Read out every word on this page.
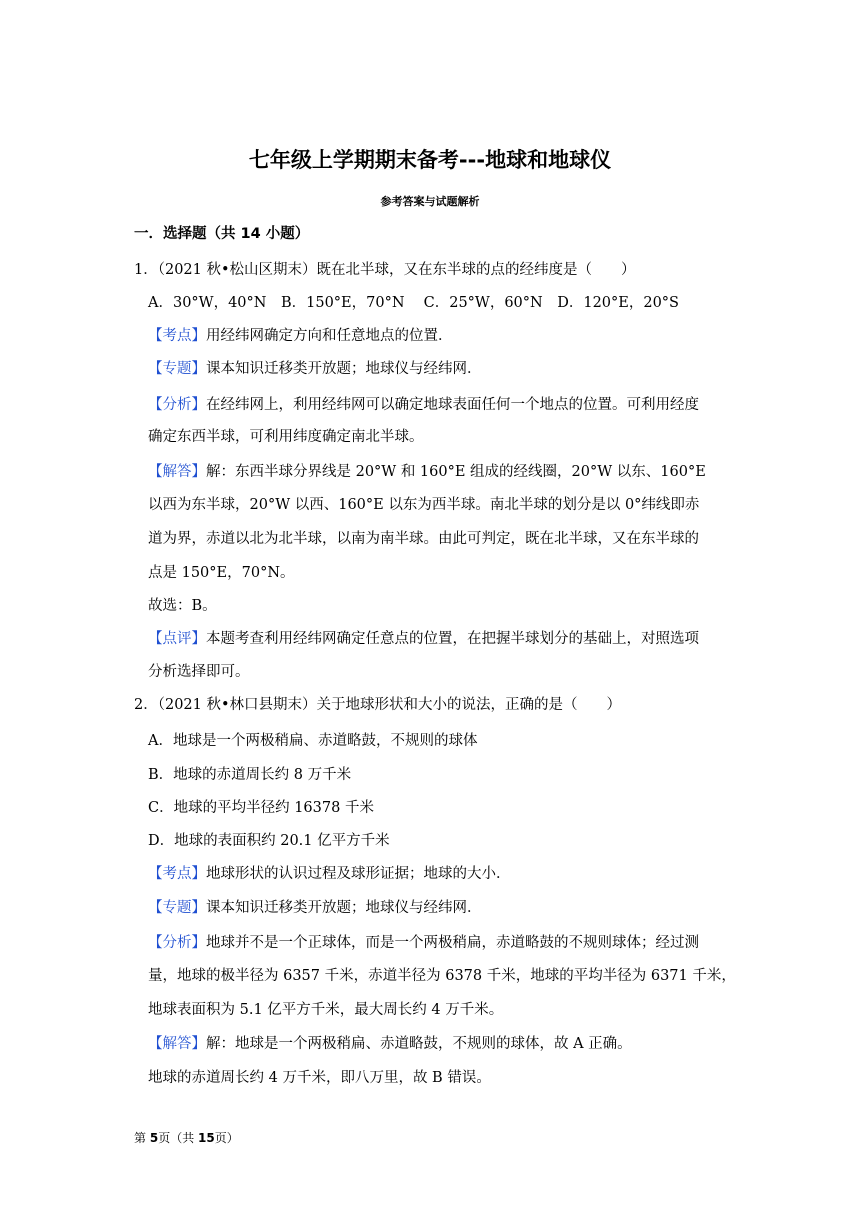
七年级上学期期末备考---地球和地球仪
参考答案与试题解析
一．选择题（共 14 小题）
1．（2021 秋•松山区期末）既在北半球，又在东半球的点的经纬度是（　　）
A．30°W，40°N　B．150°E，70°N　 C．25°W，60°N　D．120°E，20°S
【考点】用经纬网确定方向和任意地点的位置．
【专题】课本知识迁移类开放题；地球仪与经纬网．
【分析】在经纬网上，利用经纬网可以确定地球表面任何一个地点的位置。可利用经度
确定东西半球，可利用纬度确定南北半球。
【解答】解：东西半球分界线是 20°W 和 160°E 组成的经线圈，20°W 以东、160°E
以西为东半球，20°W 以西、160°E 以东为西半球。南北半球的划分是以 0°纬线即赤
道为界，赤道以北为北半球，以南为南半球。由此可判定，既在北半球，又在东半球的
点是 150°E，70°N。
故选：B。
【点评】本题考查利用经纬网确定任意点的位置，在把握半球划分的基础上，对照选项
分析选择即可。
2．（2021 秋•林口县期末）关于地球形状和大小的说法，正确的是（　　）
A．地球是一个两极稍扁、赤道略鼓，不规则的球体
B．地球的赤道周长约 8 万千米
C．地球的平均半径约 16378 千米
D．地球的表面积约 20.1 亿平方千米
【考点】地球形状的认识过程及球形证据；地球的大小．
【专题】课本知识迁移类开放题；地球仪与经纬网．
【分析】地球并不是一个正球体，而是一个两极稍扁，赤道略鼓的不规则球体；经过测
量，地球的极半径为 6357 千米，赤道半径为 6378 千米，地球的平均半径为 6371 千米，
地球表面积为 5.1 亿平方千米，最大周长约 4 万千米。
【解答】解：地球是一个两极稍扁、赤道略鼓，不规则的球体，故 A 正确。
地球的赤道周长约 4 万千米，即八万里，故 B 错误。
第 5页（共 15页）
